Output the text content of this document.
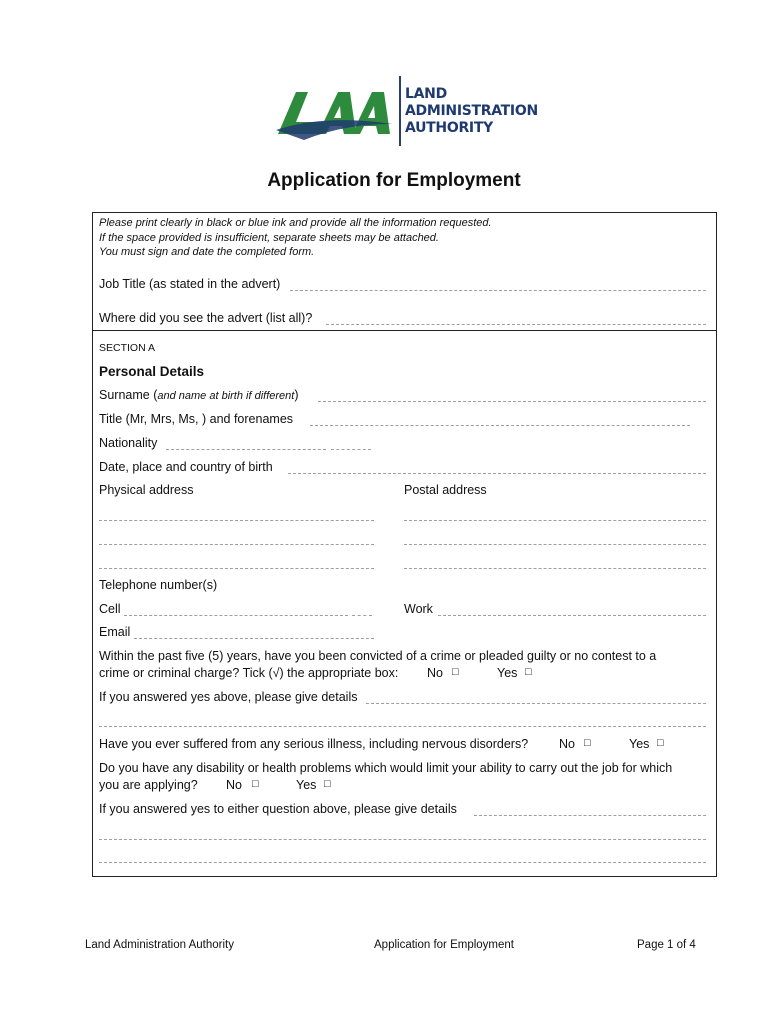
LAND
ADMINISTRATION
AUTHORITY
Application for Employment
Please print clearly in black or blue ink and provide all the information requested.
If the space provided is insufficient, separate sheets may be attached.
You must sign and date the completed form.
Job Title (as stated in the advert)
Where did you see the advert (list all)?
SECTION A
Personal Details
Surname (and name at birth if different)
Title (Mr, Mrs, Ms, ) and forenames
Nationality
Date, place and country of birth
Physical address	Postal address
Telephone number(s)
Cell	Work
Email
Within the past five (5) years, have you been convicted of a crime or pleaded guilty or no contest to a
crime or criminal charge? Tick (√) the appropriate box: No □	Yes □
If you answered yes above, please give details
Have you ever suffered from any serious illness, including nervous disorders? No □	Yes □
Do you have any disability or health problems which would limit your ability to carry out the job for which
you are applying? No □	Yes □
If you answered yes to either question above, please give details
Land Administration Authority	Application for Employment	Page 1 of 4
